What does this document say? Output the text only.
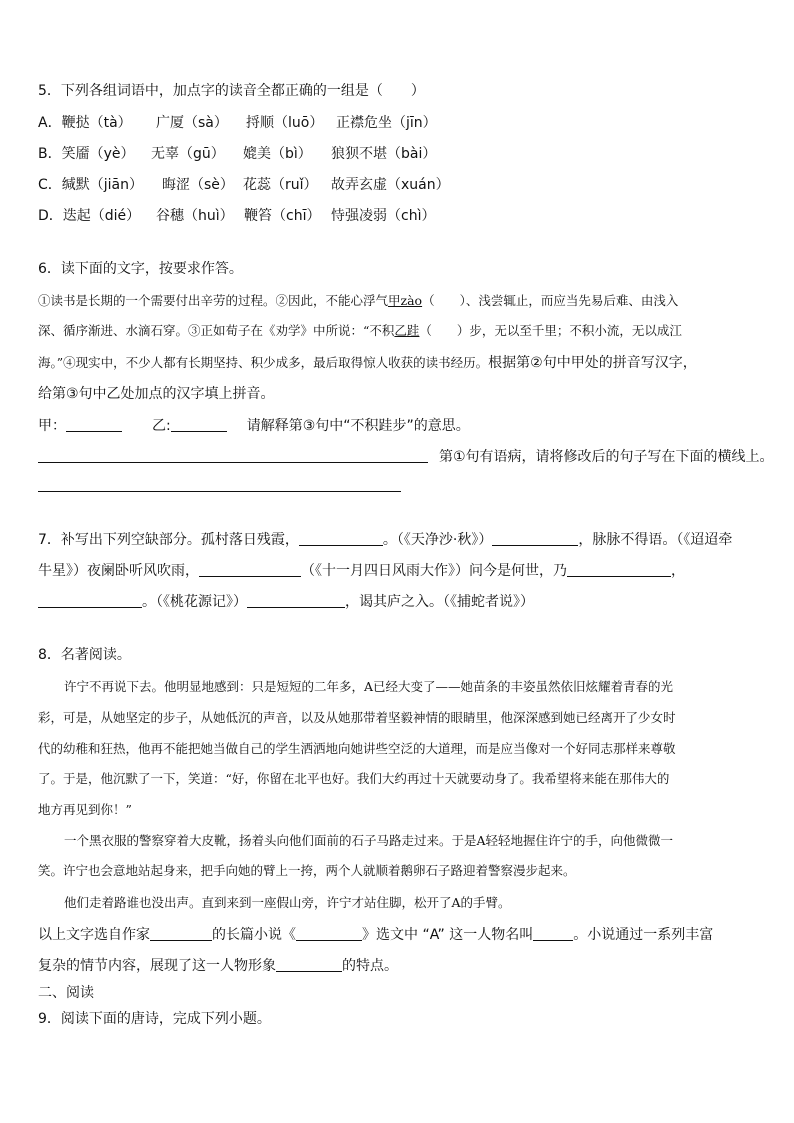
5．下列各组词语中，加点字的读音全都正确的一组是（　　）
A．鞭挞（tà） 广厦（sà） 捋顺（luō） 正襟危坐（jīn）
B．笑靥（yè） 无辜（gū） 媲美（bì） 狼狈不堪（bài）
C．缄默（jiān） 晦涩（sè） 花蕊（ruǐ） 故弄玄虚（xuán）
D．迭起（dié） 谷穗（huì） 鞭笞（chī） 恃强凌弱（chì）
6．读下面的文字，按要求作答。
①读书是长期的一个需要付出辛劳的过程。②因此，不能心浮气甲zào（　　）、浅尝辄止，而应当先易后难、由浅入
深、循序渐进、水滴石穿。③正如荀子在《劝学》中所说：“不积乙跬（　　）步，无以至千里；不积小流，无以成江
海。”④现实中，不少人都有长期坚持、积少成多，最后取得惊人收获的读书经历。根据第②句中甲处的拼音写汉字，
给第③句中乙处加点的汉字填上拼音。
甲：	乙:	请解释第③句中“不积跬步”的意思。
第①句有语病，请将修改后的句子写在下面的横线上。
7．补写出下列空缺部分。孤村落日残霞，	。（《天净沙·秋》）	，脉脉不得语。（《迢迢牵
牛星》）夜阑卧听风吹雨，	（《十一月四日风雨大作》）问今是何世，乃	，
。（《桃花源记》）	，谒其庐之入。（《捕蛇者说》）
8．名著阅读。
许宁不再说下去。他明显地感到：只是短短的二年多，A已经大变了——她苗条的丰姿虽然依旧炫耀着青春的光
彩，可是，从她坚定的步子，从她低沉的声音，以及从她那带着坚毅神情的眼睛里，他深深感到她已经离开了少女时
代的幼稚和狂热，他再不能把她当做自己的学生洒洒地向她讲些空泛的大道理，而是应当像对一个好同志那样来尊敬
了。于是，他沉默了一下，笑道：“好，你留在北平也好。我们大约再过十天就要动身了。我希望将来能在那伟大的
地方再见到你！”
一个黑衣服的警察穿着大皮靴，扬着头向他们面前的石子马路走过来。于是A轻轻地握住许宁的手，向他微微一
笑。许宁也会意地站起身来，把手向她的臂上一挎，两个人就顺着鹅卵石子路迎着警察漫步起来。
他们走着路谁也没出声。直到来到一座假山旁，许宁才站住脚，松开了A的手臂。
以上文字选自作家	的长篇小说《	》选文中 “A” 这一人物名叫	。小说通过一系列丰富
复杂的情节内容，展现了这一人物形象	的特点。
二、阅读
9．阅读下面的唐诗，完成下列小题。
